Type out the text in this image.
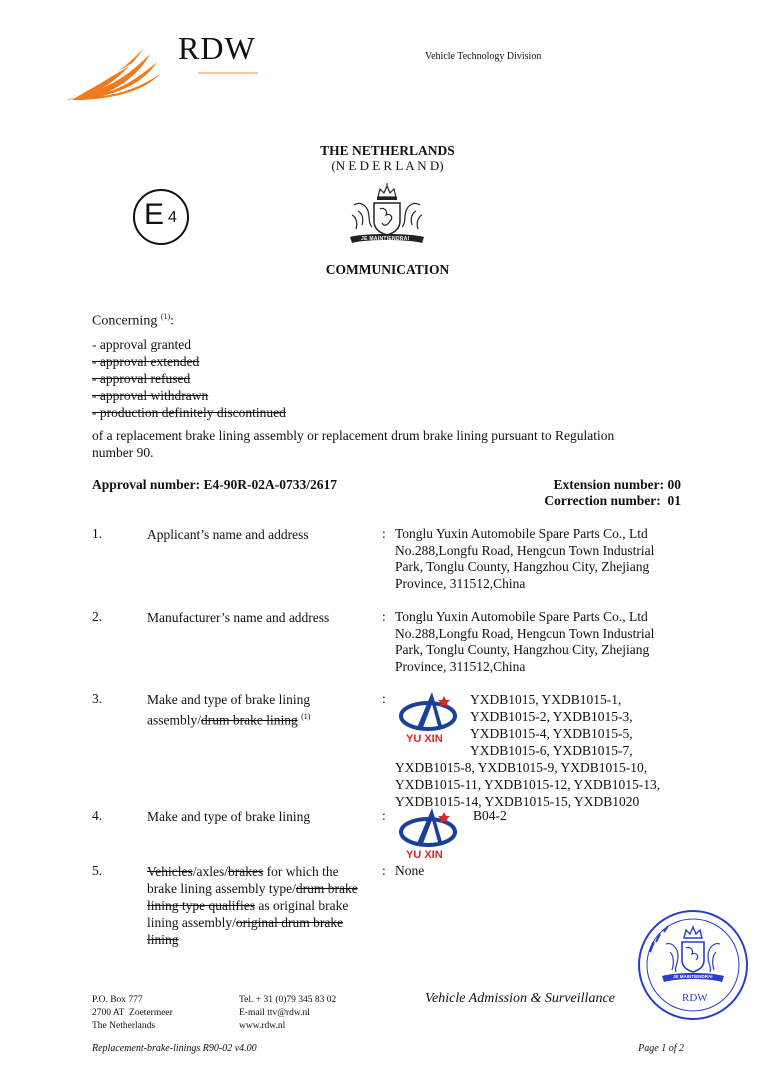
RDW	Vehicle Technology Division
THE NETHERLANDS
(N E D E R L A N D)
E 4
JE MAINTIENDRAI
COMMUNICATION
Concerning $^{(1)}$:
- approval granted
- approval extended
- approval refused
- approval withdrawn
- production definitely discontinued
of a replacement brake lining assembly or replacement drum brake lining pursuant to Regulation
number 90.
Approval number: E4-90R-02A-0733/2617	Extension number: 00
Correction number:  01
1.	Applicant’s name and address	: Tonglu Yuxin Automobile Spare Parts Co., Ltd
No.288,Longfu Road, Hengcun Town Industrial
Park, Tonglu County, Hangzhou City, Zhejiang
Province, 311512,China
2.	Manufacturer’s name and address	: Tonglu Yuxin Automobile Spare Parts Co., Ltd
No.288,Longfu Road, Hengcun Town Industrial
Park, Tonglu County, Hangzhou City, Zhejiang
Province, 311512,China
3.	Make and type of brake lining
assembly/drum brake lining $^{(1)}$
:
YU XIN
YXDB1015, YXDB1015-1,
YXDB1015-2, YXDB1015-3,
YXDB1015-4, YXDB1015-5,
YXDB1015-6, YXDB1015-7,
YXDB1015-8, YXDB1015-9, YXDB1015-10,
YXDB1015-11, YXDB1015-12, YXDB1015-13,
YXDB1015-14, YXDB1015-15, YXDB1020
4.	Make and type of brake lining	:
YU XIN
B04-2
5.	Vehicles/axles/brakes for which the
brake lining assembly type/drum brake
lining type qualifies as original brake
lining assembly/original drum brake
lining
: None
JE MAINTIENDRAI
RDW
P.O. Box 777
2700 AT  Zoetermeer
The Netherlands
Tel. + 31 (0)79 345 83 02
E-mail ttv@rdw.nl
www.rdw.nl
Vehicle Admission & Surveillance
Replacement-brake-linings R90-02 v4.00	Page 1 of 2
